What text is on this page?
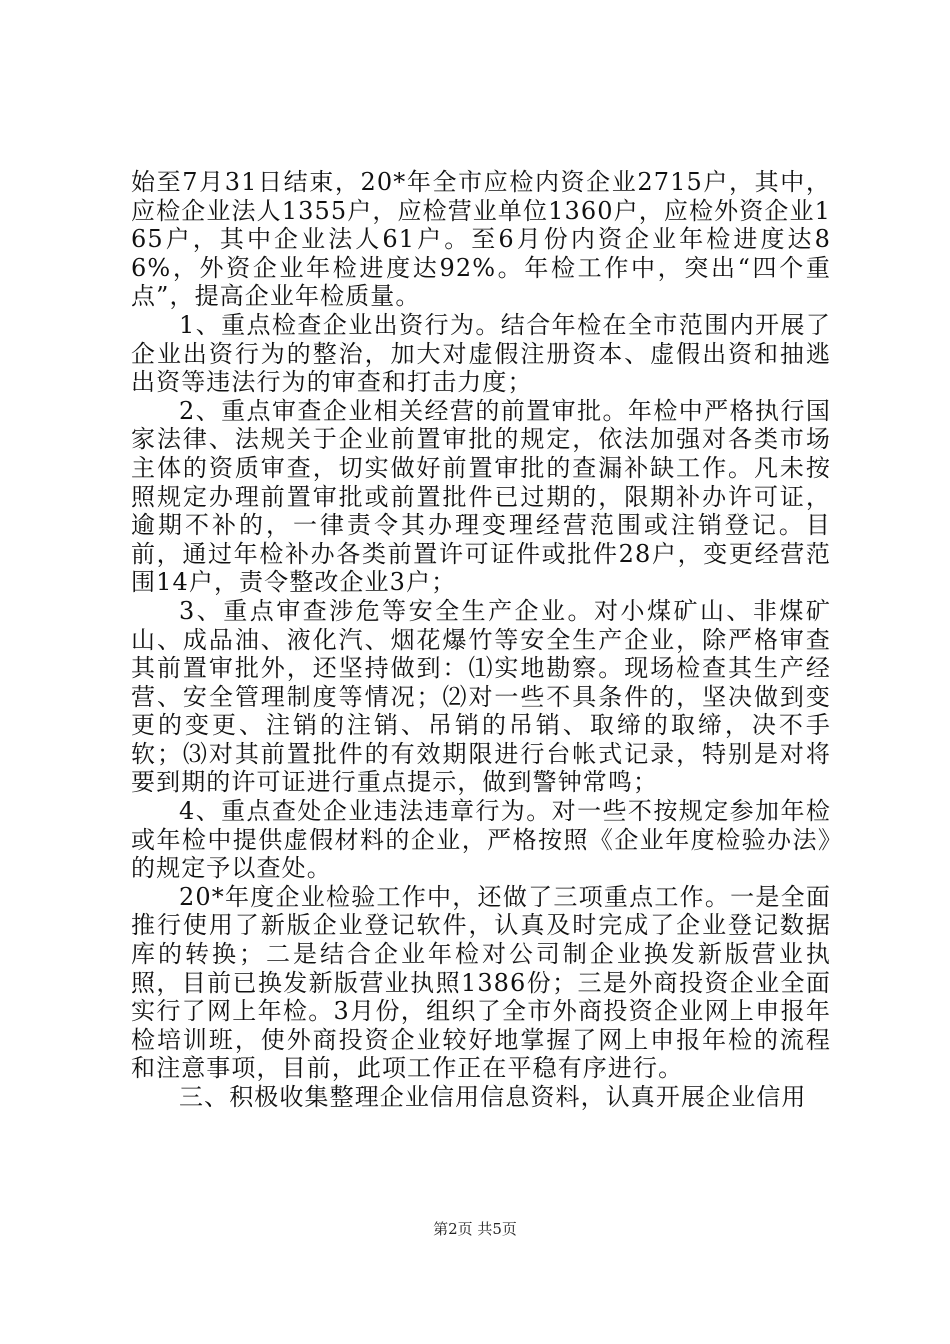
始至7月31日结束，20*年全市应检内资企业2715户，其中，应检企业法人1355户，应检营业单位1360户，应检外资企业165户，其中企业法人61户。至6月份内资企业年检进度达86%，外资企业年检进度达92%。年检工作中，突出“四个重点”，提高企业年检质量。

1、重点检查企业出资行为。结合年检在全市范围内开展了企业出资行为的整治，加大对虚假注册资本、虚假出资和抽逃出资等违法行为的审查和打击力度；

2、重点审查企业相关经营的前置审批。年检中严格执行国家法律、法规关于企业前置审批的规定，依法加强对各类市场主体的资质审查，切实做好前置审批的查漏补缺工作。凡未按照规定办理前置审批或前置批件已过期的，限期补办许可证，逾期不补的，一律责令其办理变理经营范围或注销登记。目前，通过年检补办各类前置许可证件或批件28户，变更经营范围14户，责令整改企业3户；

3、重点审查涉危等安全生产企业。对小煤矿山、非煤矿山、成品油、液化汽、烟花爆竹等安全生产企业，除严格审查其前置审批外，还坚持做到：⑴实地勘察。现场检查其生产经营、安全管理制度等情况；⑵对一些不具条件的，坚决做到变更的变更、注销的注销、吊销的吊销、取缔的取缔，决不手软；⑶对其前置批件的有效期限进行台帐式记录，特别是对将要到期的许可证进行重点提示，做到警钟常鸣；

4、重点查处企业违法违章行为。对一些不按规定参加年检或年检中提供虚假材料的企业，严格按照《企业年度检验办法》的规定予以查处。

20*年度企业检验工作中，还做了三项重点工作。一是全面推行使用了新版企业登记软件，认真及时完成了企业登记数据库的转换；二是结合企业年检对公司制企业换发新版营业执照，目前已换发新版营业执照1386份；三是外商投资企业全面实行了网上年检。3月份，组织了全市外商投资企业网上申报年检培训班，使外商投资企业较好地掌握了网上申报年检的流程和注意事项，目前，此项工作正在平稳有序进行。

三、积极收集整理企业信用信息资料，认真开展企业信用

第2页 共5页
